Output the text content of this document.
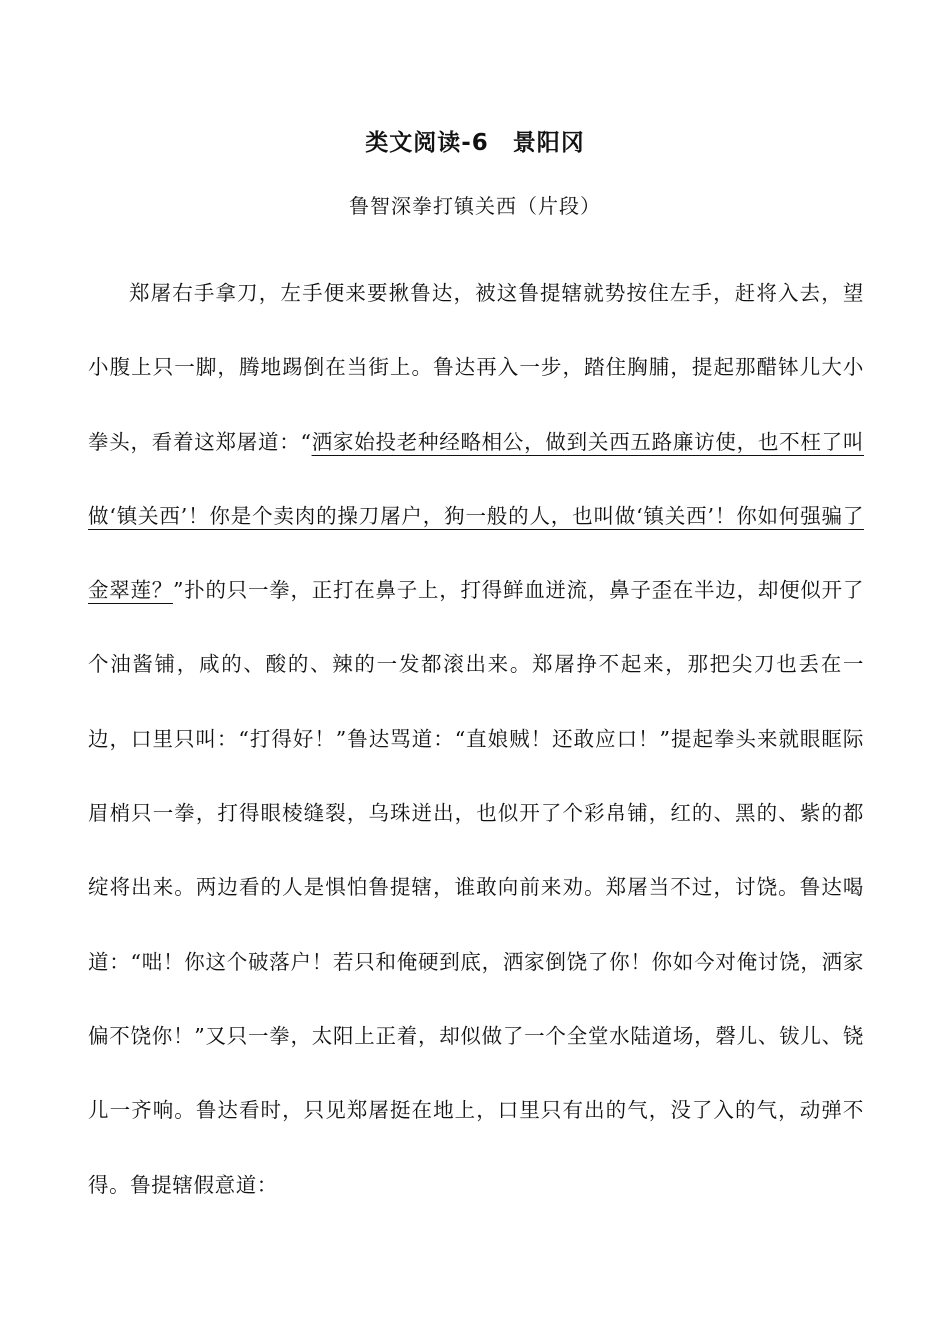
类文阅读-6　景阳冈
鲁智深拳打镇关西（片段）

郑屠右手拿刀，左手便来要揪鲁达，被这鲁提辖就势按住左手，赶将入去，望小腹上只一脚，腾地踢倒在当街上。鲁达再入一步，踏住胸脯，提起那醋钵儿大小拳头，看着这郑屠道：“洒家始投老种经略相公，做到关西五路廉访使，也不枉了叫做‘镇关西’！你是个卖肉的操刀屠户，狗一般的人，也叫做‘镇关西’！你如何强骗了金翠莲？”扑的只一拳，正打在鼻子上，打得鲜血迸流，鼻子歪在半边，却便似开了个油酱铺，咸的、酸的、辣的一发都滚出来。郑屠挣不起来，那把尖刀也丢在一边，口里只叫：“打得好！”鲁达骂道：“直娘贼！还敢应口！”提起拳头来就眼眶际眉梢只一拳，打得眼棱缝裂，乌珠迸出，也似开了个彩帛铺，红的、黑的、紫的都绽将出来。两边看的人是惧怕鲁提辖，谁敢向前来劝。郑屠当不过，讨饶。鲁达喝道：“咄！你这个破落户！若只和俺硬到底，洒家倒饶了你！你如今对俺讨饶，洒家偏不饶你！”又只一拳，太阳上正着，却似做了一个全堂水陆道场，磬儿、钹儿、铙儿一齐响。鲁达看时，只见郑屠挺在地上，口里只有出的气，没了入的气，动弹不得。鲁提辖假意道：
